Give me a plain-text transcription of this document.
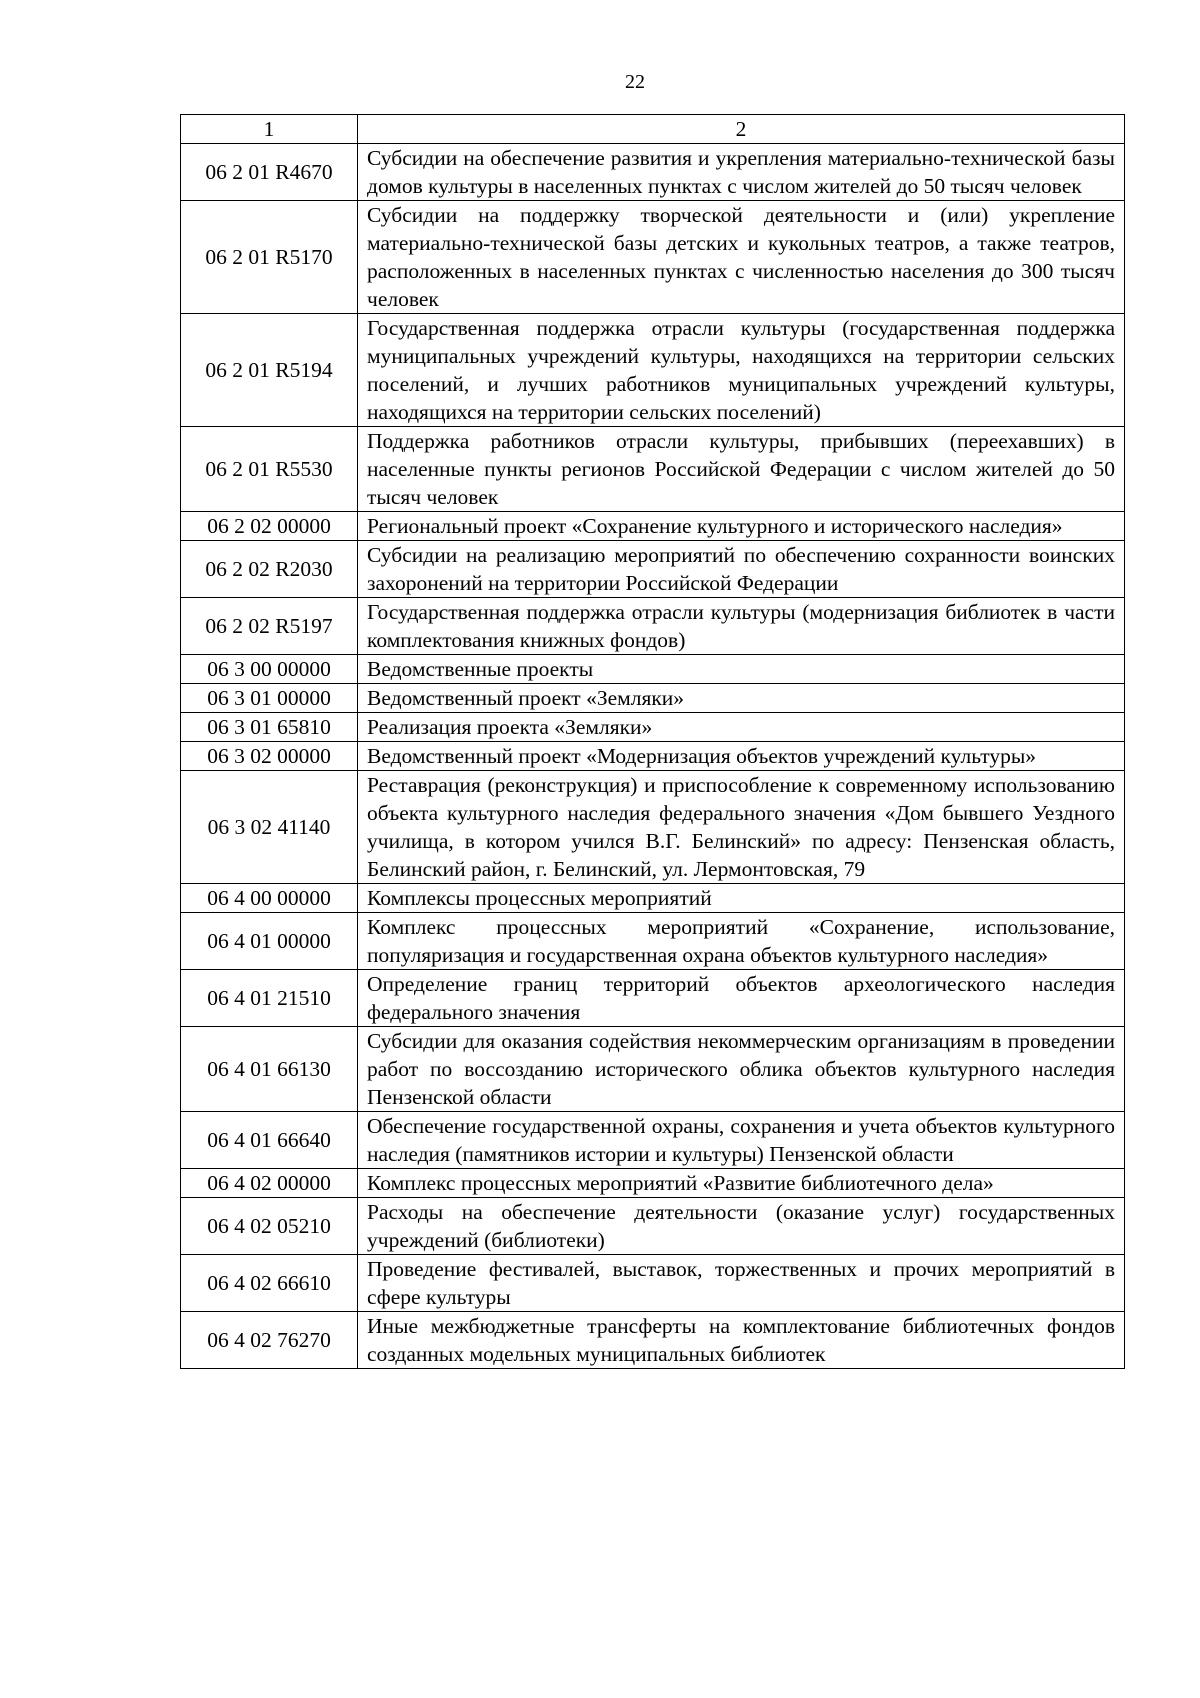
22
1	2
06 2 01 R4670	Субсидии на обеспечение развития и укрепления материально-технической базы домов культуры в населенных пунктах с числом жителей до 50 тысяч человек
06 2 01 R5170	Субсидии на поддержку творческой деятельности и (или) укрепление материально-технической базы детских и кукольных театров, а также театров, расположенных в населенных пунктах с численностью населения до 300 тысяч человек
06 2 01 R5194	Государственная поддержка отрасли культуры (государственная поддержка муниципальных учреждений культуры, находящихся на территории сельских поселений, и лучших работников муниципальных учреждений культуры, находящихся на территории сельских поселений)
06 2 01 R5530	Поддержка работников отрасли культуры, прибывших (переехавших) в населенные пункты регионов Российской Федерации с числом жителей до 50 тысяч человек
06 2 02 00000	Региональный проект «Сохранение культурного и исторического наследия»
06 2 02 R2030	Субсидии на реализацию мероприятий по обеспечению сохранности воинских захоронений на территории Российской Федерации
06 2 02 R5197	Государственная поддержка отрасли культуры (модернизация библиотек в части комплектования книжных фондов)
06 3 00 00000	Ведомственные проекты
06 3 01 00000	Ведомственный проект «Земляки»
06 3 01 65810	Реализация проекта «Земляки»
06 3 02 00000	Ведомственный проект «Модернизация объектов учреждений культуры»
06 3 02 41140	Реставрация (реконструкция) и приспособление к современному использованию объекта культурного наследия федерального значения «Дом бывшего Уездного училища, в котором учился В.Г. Белинский» по адресу: Пензенская область, Белинский район, г. Белинский, ул. Лермонтовская, 79
06 4 00 00000	Комплексы процессных мероприятий
06 4 01 00000	Комплекс процессных мероприятий «Сохранение, использование, популяризация и государственная охрана объектов культурного наследия»
06 4 01 21510	Определение границ территорий объектов археологического наследия федерального значения
06 4 01 66130	Субсидии для оказания содействия некоммерческим организациям в проведении работ по воссозданию исторического облика объектов культурного наследия Пензенской области
06 4 01 66640	Обеспечение государственной охраны, сохранения и учета объектов культурного наследия (памятников истории и культуры) Пензенской области
06 4 02 00000	Комплекс процессных мероприятий «Развитие библиотечного дела»
06 4 02 05210	Расходы на обеспечение деятельности (оказание услуг) государственных учреждений (библиотеки)
06 4 02 66610	Проведение фестивалей, выставок, торжественных и прочих мероприятий в сфере культуры
06 4 02 76270	Иные межбюджетные трансферты на комплектование библиотечных фондов созданных модельных муниципальных библиотек
